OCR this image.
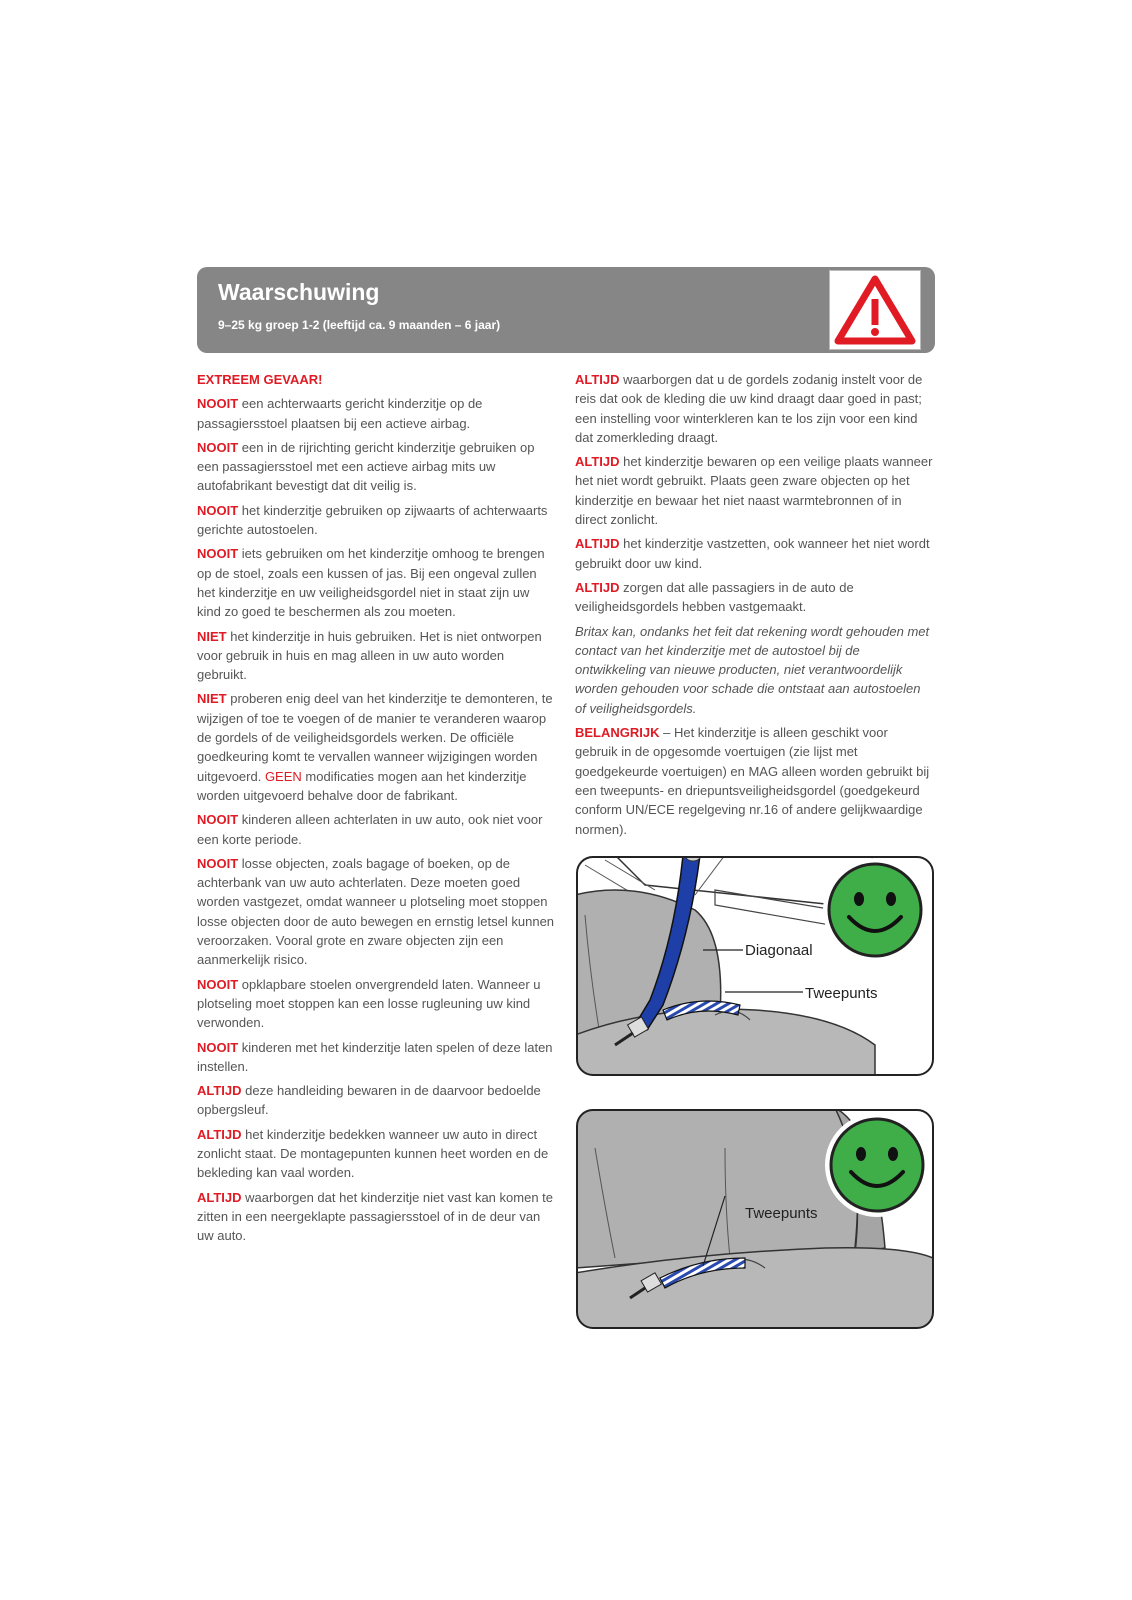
Waarschuwing
9–25 kg groep 1-2 (leeftijd ca. 9 maanden – 6 jaar)

EXTREEM GEVAAR!

NOOIT een achterwaarts gericht kinderzitje op de passagiersstoel plaatsen bij een actieve airbag.

NOOIT een in de rijrichting gericht kinderzitje gebruiken op een passagiersstoel met een actieve airbag mits uw autofabrikant bevestigt dat dit veilig is.

NOOIT het kinderzitje gebruiken op zijwaarts of achterwaarts gerichte autostoelen.

NOOIT iets gebruiken om het kinderzitje omhoog te brengen op de stoel, zoals een kussen of jas. Bij een ongeval zullen het kinderzitje en uw veiligheidsgordel niet in staat zijn uw kind zo goed te beschermen als zou moeten.

NIET het kinderzitje in huis gebruiken. Het is niet ontworpen voor gebruik in huis en mag alleen in uw auto worden gebruikt.

NIET proberen enig deel van het kinderzitje te demonteren, te wijzigen of toe te voegen of de manier te veranderen waarop de gordels of de veiligheidsgordels werken. De officiële goedkeuring komt te vervallen wanneer wijzigingen worden uitgevoerd. GEEN modificaties mogen aan het kinderzitje worden uitgevoerd behalve door de fabrikant.

NOOIT kinderen alleen achterlaten in uw auto, ook niet voor een korte periode.

NOOIT losse objecten, zoals bagage of boeken, op de achterbank van uw auto achterlaten. Deze moeten goed worden vastgezet, omdat wanneer u plotseling moet stoppen losse objecten door de auto bewegen en ernstig letsel kunnen veroorzaken. Vooral grote en zware objecten zijn een aanmerkelijk risico.

NOOIT opklapbare stoelen onvergrendeld laten. Wanneer u plotseling moet stoppen kan een losse rugleuning uw kind verwonden.

NOOIT kinderen met het kinderzitje laten spelen of deze laten instellen.

ALTIJD deze handleiding bewaren in de daarvoor bedoelde opbergsleuf.

ALTIJD het kinderzitje bedekken wanneer uw auto in direct zonlicht staat. De montagepunten kunnen heet worden en de bekleding kan vaal worden.

ALTIJD waarborgen dat het kinderzitje niet vast kan komen te zitten in een neergeklapte passagiersstoel of in de deur van uw auto.

ALTIJD waarborgen dat u de gordels zodanig instelt voor de reis dat ook de kleding die uw kind draagt daar goed in past; een instelling voor winterkleren kan te los zijn voor een kind dat zomerkleding draagt.

ALTIJD het kinderzitje bewaren op een veilige plaats wanneer het niet wordt gebruikt. Plaats geen zware objecten op het kinderzitje en bewaar het niet naast warmtebronnen of in direct zonlicht.

ALTIJD het kinderzitje vastzetten, ook wanneer het niet wordt gebruikt door uw kind.

ALTIJD zorgen dat alle passagiers in de auto de veiligheidsgordels hebben vastgemaakt.

Britax kan, ondanks het feit dat rekening wordt gehouden met contact van het kinderzitje met de autostoel bij de ontwikkeling van nieuwe producten, niet verantwoordelijk worden gehouden voor schade die ontstaat aan autostoelen of veiligheidsgordels.

BELANGRIJK – Het kinderzitje is alleen geschikt voor gebruik in de opgesomde voertuigen (zie lijst met goedgekeurde voertuigen) en MAG alleen worden gebruikt bij een tweepunts- en driepuntsveiligheidsgordel (goedgekeurd conform UN/ECE regelgeving nr.16 of andere gelijkwaardige normen).

Diagonaal
Tweepunts
Tweepunts
